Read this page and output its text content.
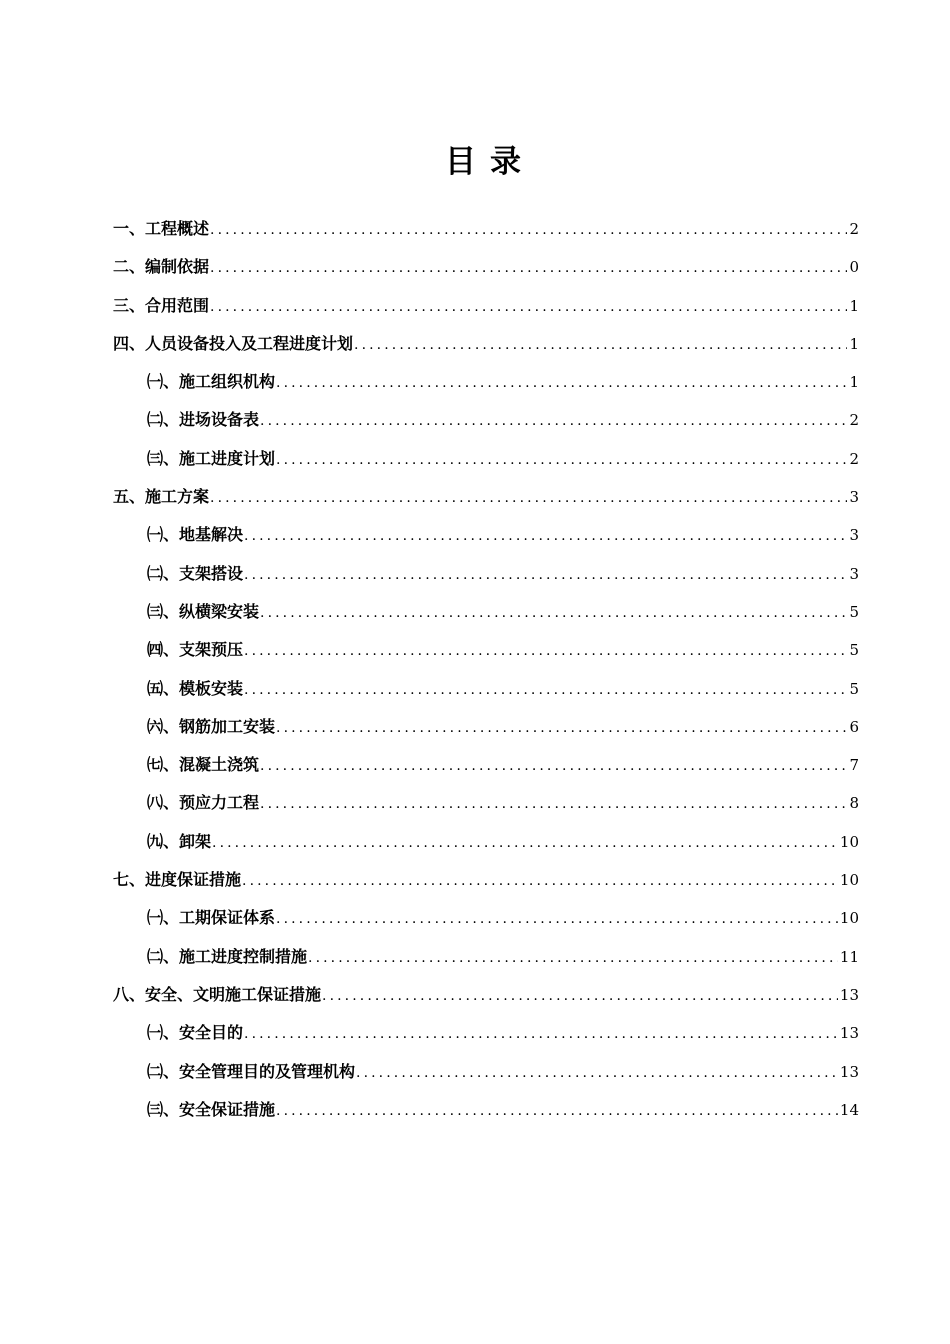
目录
一、工程概述 .....	2
二、编制依据 .....	0
三、合用范围 .....	1
四、人员设备投入及工程进度计划 .....	1
㈠、施工组织机构 .....	1
㈡、进场设备表 .....	2
㈢、施工进度计划 .....	2
五、施工方案 .....	3
㈠、地基解决 .....	3
㈡、支架搭设 .....	3
㈢、纵横梁安装 .....	5
㈣、支架预压 .....	5
㈤、模板安装 .....	5
㈥、钢筋加工安装 .....	6
㈦、混凝土浇筑 .....	7
㈧、预应力工程 .....	8
㈨、卸架 .....	10
七、进度保证措施 .....	10
㈠、工期保证体系 .....	10
㈡、施工进度控制措施 .....	11
八、安全、文明施工保证措施 .....	13
㈠、安全目的 .....	13
㈡、安全管理目的及管理机构 .....	13
㈢、安全保证措施 .....	14
